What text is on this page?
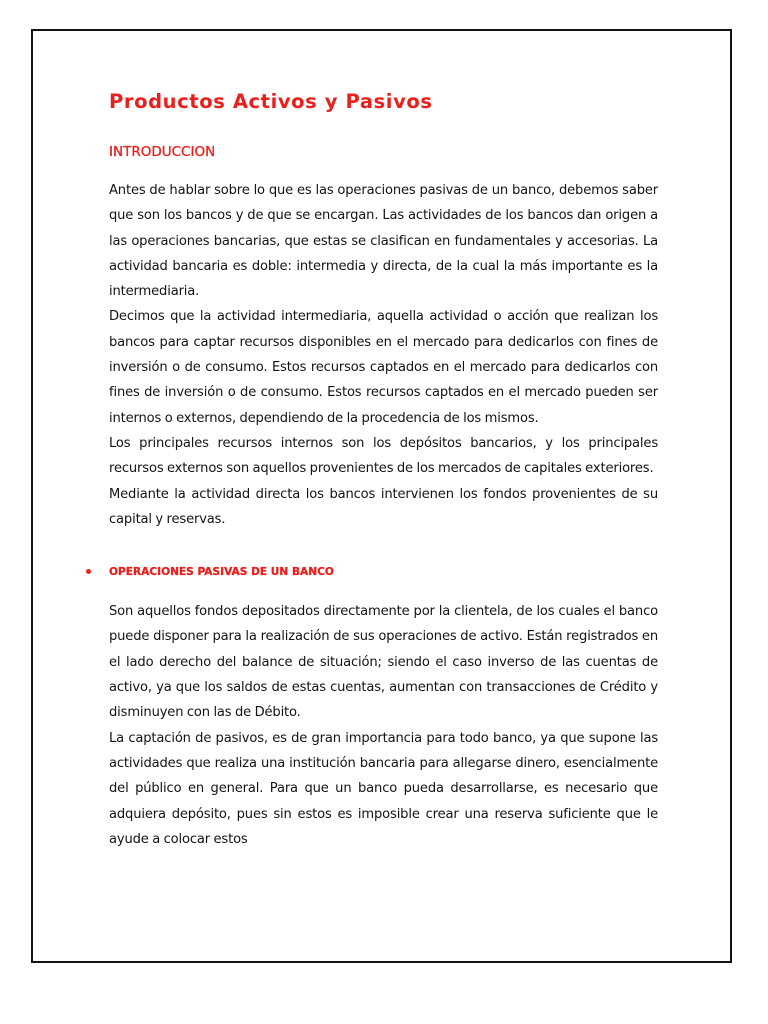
Productos Activos y Pasivos
INTRODUCCION

Antes de hablar sobre lo que es las operaciones pasivas de un banco, debemos saber que son los bancos y de que se encargan. Las actividades de los bancos dan origen a las operaciones bancarias, que estas se clasifican en fundamentales y accesorias. La actividad bancaria es doble: intermedia y directa, de la cual la más importante es la intermediaria.

Decimos que la actividad intermediaria, aquella actividad o acción que realizan los bancos para captar recursos disponibles en el mercado para dedicarlos con fines de inversión o de consumo. Estos recursos captados en el mercado para dedicarlos con fines de inversión o de consumo. Estos recursos captados en el mercado pueden ser internos o externos, dependiendo de la procedencia de los mismos.

Los principales recursos internos son los depósitos bancarios, y los principales recursos externos son aquellos provenientes de los mercados de capitales exteriores.

Mediante la actividad directa los bancos intervienen los fondos provenientes de su capital y reservas.

OPERACIONES PASIVAS DE UN BANCO

Son aquellos fondos depositados directamente por la clientela, de los cuales el banco puede disponer para la realización de sus operaciones de activo. Están registrados en el lado derecho del balance de situación; siendo el caso inverso de las cuentas de activo, ya que los saldos de estas cuentas, aumentan con transacciones de Crédito y disminuyen con las de Débito.

La captación de pasivos, es de gran importancia para todo banco, ya que supone las actividades que realiza una institución bancaria para allegarse dinero, esencialmente del público en general. Para que un banco pueda desarrollarse, es necesario que adquiera depósito, pues sin estos es imposible crear una reserva suficiente que le ayude a colocar estos
